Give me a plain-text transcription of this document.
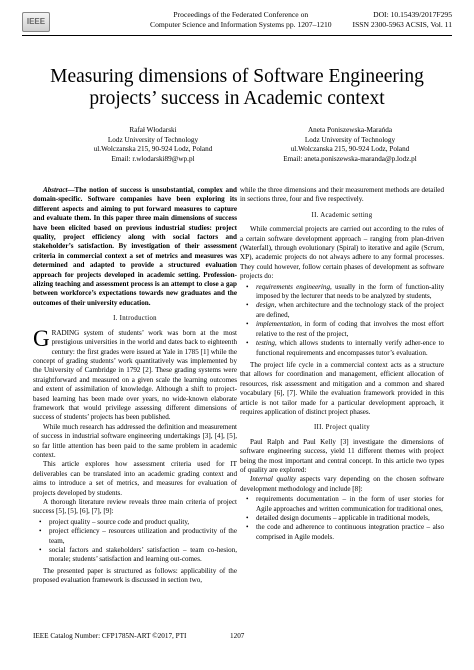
IEEE
Proceedings of the Federated Conference on
Computer Science and Information Systems pp. 1207–1210
DOI: 10.15439/2017F295
ISSN 2300-5963 ACSIS, Vol. 11
Measuring dimensions of Software Engineering
projects’ success in Academic context
Rafał Włodarski
Lodz University of Technology
ul.Wolczanska 215, 90-924 Lodz, Poland
Email: r.wlodarski89@wp.pl
Aneta Poniszewska-Marańda
Lodz University of Technology
ul.Wolczanska 215, 90-924 Lodz, Poland
Email: aneta.poniszewska-maranda@p.lodz.pl

Abstract—The notion of success is unsubstantial, complex and domain-specific. Software companies have been exploring its different aspects and aiming to put forward measures to capture and evaluate them. In this paper three main dimensions of success have been elicited based on previous industrial studies: project quality, project efficiency along with social factors and stakeholder’s satisfaction. By investigation of their assessment criteria in commercial context a set of metrics and measures was determined and adapted to provide a structured evaluation approach for projects developed in academic setting. Profession-alizing teaching and assessment process is an attempt to close a gap between workforce’s expectations towards new graduates and the outcomes of their university education.

I. Introduction

GRADING system of students’ work was born at the most prestigious universities in the world and dates back to eighteenth century: the first grades were issued at Yale in 1785 [1] while the concept of grading students’ work quantitatively was implemented by the University of Cambridge in 1792 [2]. These grading systems were straightforward and measured on a given scale the learning outcomes and extent of assimilation of knowledge. Although a shift to project-based learning has been made over years, no wide-known elaborate framework that would privilege assessing different dimensions of success of students’ projects has been published.

While much research has addressed the definition and measurement of success in industrial software engineering undertakings [3], [4], [5], so far little attention has been paid to the same problem in academic context.

This article explores how assessment criteria used for IT deliverables can be translated into an academic grading context and aims to introduce a set of metrics, and measures for evaluation of projects developed by students.

A thorough literature review reveals three main criteria of project success [5], [5], [6], [7], [9]:

• project quality – source code and product quality,
• project efficiency – resources utilization and productivity of the team,
• social factors and stakeholders’ satisfaction – team co-hesion, morale; students’ satisfaction and learning out-comes.

The presented paper is structured as follows: applicability of the proposed evaluation framework is discussed in section two,

while the three dimensions and their measurement methods are detailed in sections three, four and five respectively.

II. Academic setting

While commercial projects are carried out according to the rules of a certain software development approach – ranging from plan-driven (Waterfall), through evolutionary (Spiral) to iterative and agile (Scrum, XP), academic projects do not always adhere to any formal processes. They could however, follow certain phases of development as software projects do:

• requirements engineering, usually in the form of function-ality imposed by the lecturer that needs to be analyzed by students,
• design, when architecture and the technology stack of the project are defined,
• implementation, in form of coding that involves the most effort relative to the rest of the project,
• testing, which allows students to internally verify adher-ence to functional requirements and encompasses tutor’s evaluation.

The project life cycle in a commercial context acts as a structure that allows for coordination and management, efficient allocation of resources, risk assessment and mitigation and a common and shared vocabulary [6], [7]. While the evaluation framework provided in this article is not tailor made for a particular development approach, it requires application of distinct project phases.

III. Project quality

Paul Ralph and Paul Kelly [3] investigate the dimensions of software engineering success, yield 11 different themes with project being the most important and central concept. In this article two types of quality are explored:

Internal quality aspects vary depending on the chosen software development methodology and include [8]:

• requirements documentation – in the form of user stories for Agile approaches and written communication for traditional ones,
• detailed design documents – applicable in traditional models,
• the code and adherence to continuous integration practice – also comprised in Agile models.
IEEE Catalog Number: CFP1785N-ART ©2017, PTI	1207
